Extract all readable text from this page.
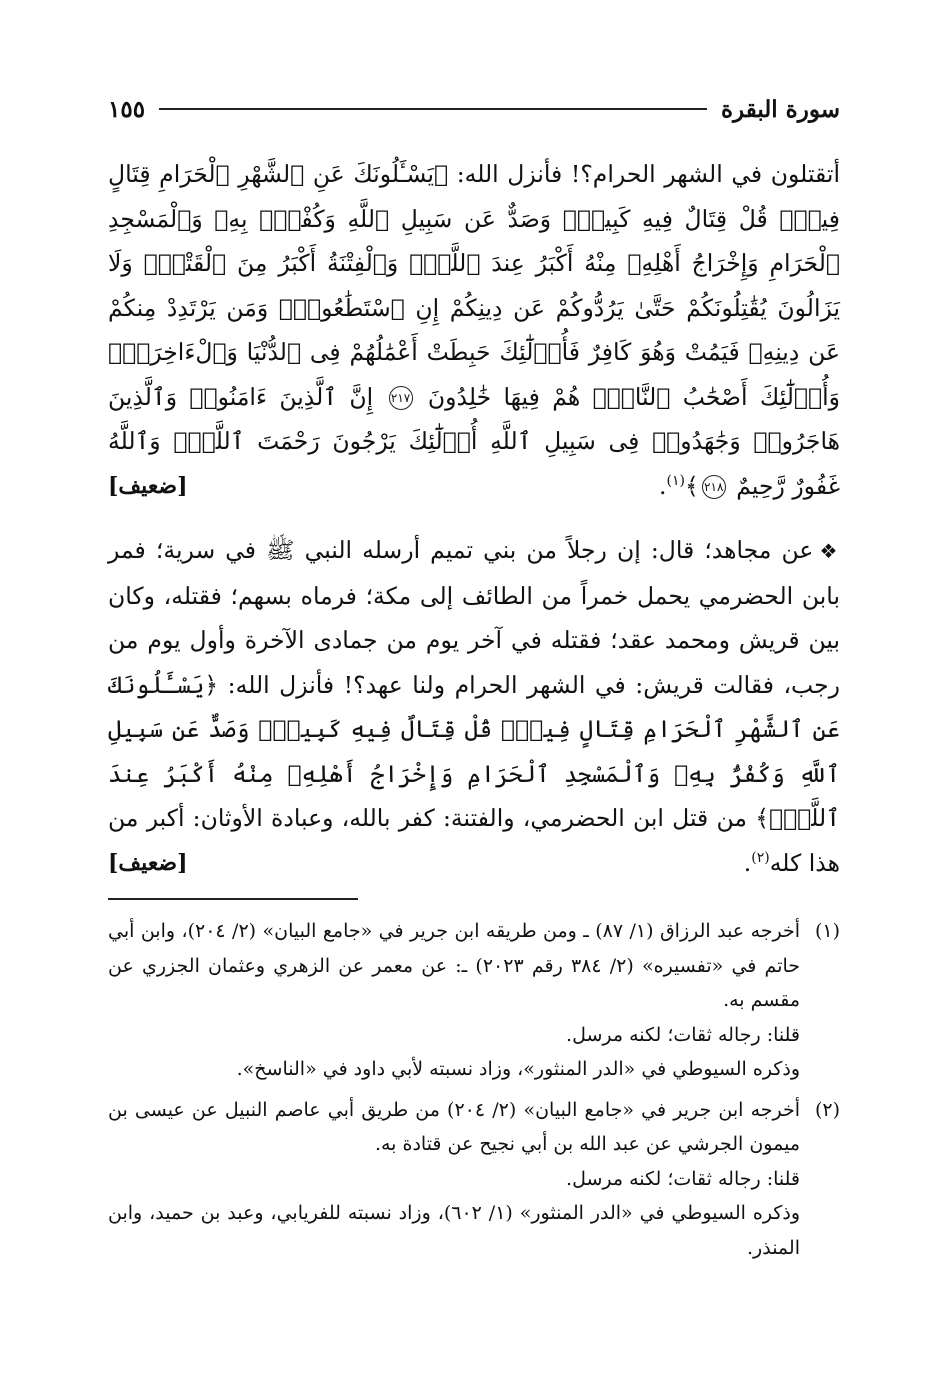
سورة البقرة
١٥٥

أتقتلون في الشهر الحرام؟! فأنزل الله: ﴿يَسْـَٔلُونَكَ عَنِ ٱلشَّهْرِ ٱلْحَرَامِ قِتَالٍ فِيهِۖ قُلْ قِتَالٌ فِيهِ كَبِيرٌۚ وَصَدٌّ عَن سَبِيلِ ٱللَّهِ وَكُفْرٌۢ بِهِۦ وَٱلْمَسْجِدِ ٱلْحَرَامِ وَإِخْرَاجُ أَهْلِهِۦ مِنْهُ أَكْبَرُ عِندَ ٱللَّهِۚ وَٱلْفِتْنَةُ أَكْبَرُ مِنَ ٱلْقَتْلِۗ وَلَا يَزَالُونَ يُقَٰتِلُونَكُمْ حَتَّىٰ يَرُدُّوكُمْ عَن دِينِكُمْ إِنِ ٱسْتَطَٰعُوا۟ۚ وَمَن يَرْتَدِدْ مِنكُمْ عَن دِينِهِۦ فَيَمُتْ وَهُوَ كَافِرٌ فَأُو۟لَٰٓئِكَ حَبِطَتْ أَعْمَٰلُهُمْ فِى ٱلدُّنْيَا وَٱلْءَاخِرَةِۖ وَأُو۟لَٰٓئِكَ أَصْحَٰبُ ٱلنَّارِۖ هُمْ فِيهَا خَٰلِدُونَ ٢١٧ إِنَّ ٱلَّذِينَ ءَامَنُوا۟ وَٱلَّذِينَ هَاجَرُوا۟ وَجَٰهَدُوا۟ فِى سَبِيلِ ٱللَّهِ أُو۟لَٰٓئِكَ يَرْجُونَ رَحْمَتَ ٱللَّهِۚ وَٱللَّهُ غَفُورٌ رَّحِيمٌ ٢١٨﴾$^{(١)}$.
[ضعيف]

❖عن مجاهد؛ قال: إن رجلاً من بني تميم أرسله النبي ﷺ في سرية؛ فمر بابن الحضرمي يحمل خمراً من الطائف إلى مكة؛ فرماه بسهم؛ فقتله، وكان بين قريش ومحمد عقد؛ فقتله في آخر يوم من جمادى الآخرة وأول يوم من رجب، فقالت قريش: في الشهر الحرام ولنا عهد؟! فأنزل الله: ﴿يَسْـَٔلُونَكَ عَنِ ٱلشَّهْرِ ٱلْحَرَامِ قِتَالٍ فِيهِۖ قُلْ قِتَالٌ فِيهِ كَبِيرٌۚ وَصَدٌّ عَن سَبِيلِ ٱللَّهِ وَكُفْرٌۢ بِهِۦ وَٱلْمَسْجِدِ ٱلْحَرَامِ وَإِخْرَاجُ أَهْلِهِۦ مِنْهُ أَكْبَرُ عِندَ ٱللَّهِۚ﴾ من قتل ابن الحضرمي، والفتنة: كفر بالله، وعبادة الأوثان: أكبر من هذا كله$^{(٢)}$.
[ضعيف]

(١)
أخرجه عبد الرزاق (١/ ٨٧) ـ ومن طريقه ابن جرير في «جامع البيان» (٢/ ٢٠٤)، وابن أبي حاتم في «تفسيره» (٢/ ٣٨٤ رقم ٢٠٢٣) ـ: عن معمر عن الزهري وعثمان الجزري عن مقسم به.
قلنا: رجاله ثقات؛ لكنه مرسل.
وذكره السيوطي في «الدر المنثور»، وزاد نسبته لأبي داود في «الناسخ».
(٢)
أخرجه ابن جرير في «جامع البيان» (٢/ ٢٠٤) من طريق أبي عاصم النبيل عن عيسى بن ميمون الجرشي عن عبد الله بن أبي نجيح عن قتادة به.
قلنا: رجاله ثقات؛ لكنه مرسل.
وذكره السيوطي في «الدر المنثور» (١/ ٦٠٢)، وزاد نسبته للفريابي، وعبد بن حميد، وابن المنذر.
